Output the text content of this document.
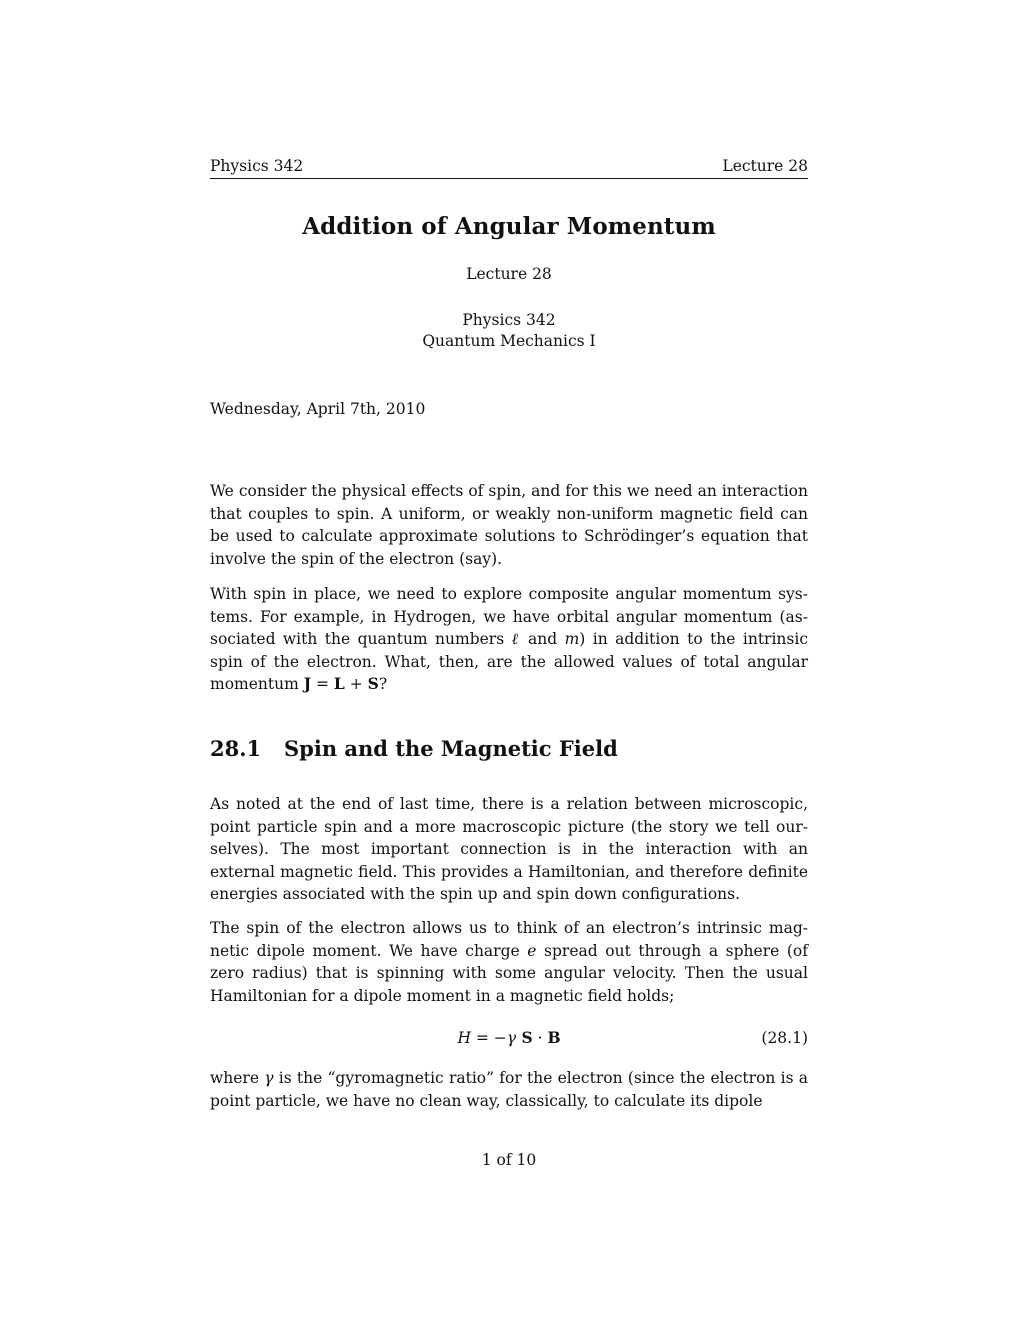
Physics 342	Lecture 28
Addition of Angular Momentum
Lecture 28
Physics 342
Quantum Mechanics I
Wednesday, April 7th, 2010

We consider the physical effects of spin, and for this we need an interaction that couples to spin. A uniform, or weakly non-uniform magnetic field can be used to calculate approximate solutions to Schrödinger’s equation that involve the spin of the electron (say).

With spin in place, we need to explore composite angular momentum systems. For example, in Hydrogen, we have orbital angular momentum (associated with the quantum numbers ℓ and m) in addition to the intrinsic spin of the electron. What, then, are the allowed values of total angular momentum J = L + S?

28.1 Spin and the Magnetic Field

As noted at the end of last time, there is a relation between microscopic, point particle spin and a more macroscopic picture (the story we tell ourselves). The most important connection is in the interaction with an external magnetic field. This provides a Hamiltonian, and therefore definite energies associated with the spin up and spin down configurations.

The spin of the electron allows us to think of an electron’s intrinsic magnetic dipole moment. We have charge e spread out through a sphere (of zero radius) that is spinning with some angular velocity. Then the usual Hamiltonian for a dipole moment in a magnetic field holds;

H = −γ S · B	(28.1)

where γ is the “gyromagnetic ratio” for the electron (since the electron is a point particle, we have no clean way, classically, to calculate its dipole

1 of 10
